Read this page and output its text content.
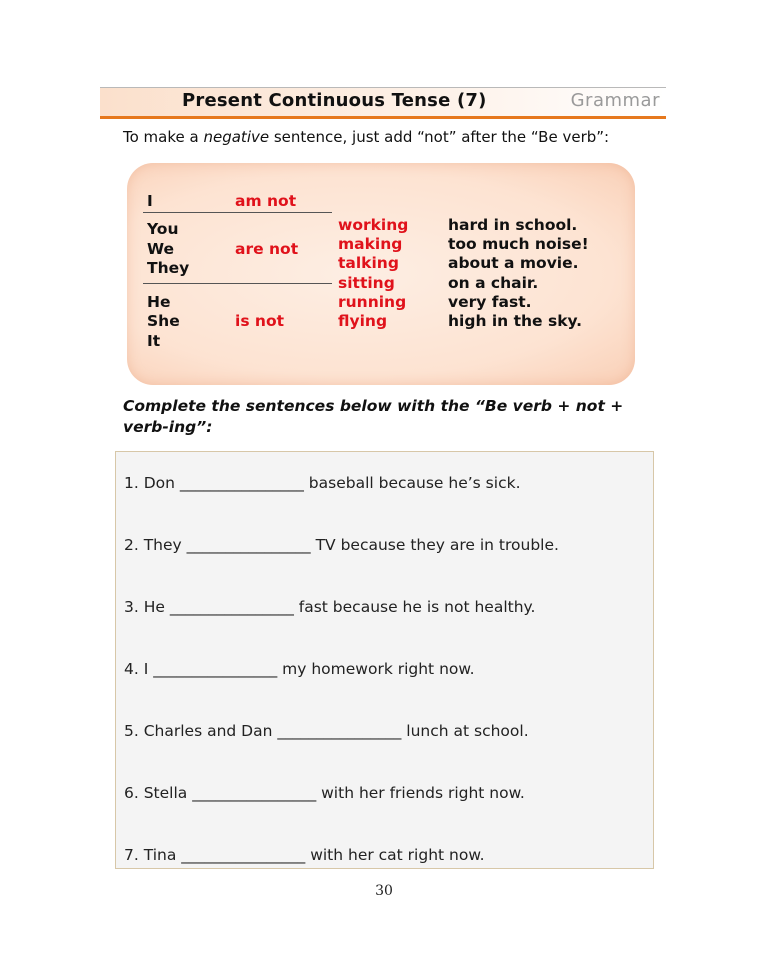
Present Continuous Tense (7)	Grammar
To make a negative sentence, just add “not” after the “Be verb”:
I	am not
You
We
They
are not
He
She
It
is not
working
making
talking
sitting
running
flying
hard in school.
too much noise!
about a movie.
on a chair.
very fast.
high in the sky.
Complete the sentences below with the “Be verb + not + verb-ing”:
1. Don ________________ baseball because he’s sick.
2. They ________________ TV because they are in trouble.
3. He ________________ fast because he is not healthy.
4. I ________________ my homework right now.
5. Charles and Dan ________________ lunch at school.
6. Stella ________________ with her friends right now.
7. Tina ________________ with her cat right now.
30
